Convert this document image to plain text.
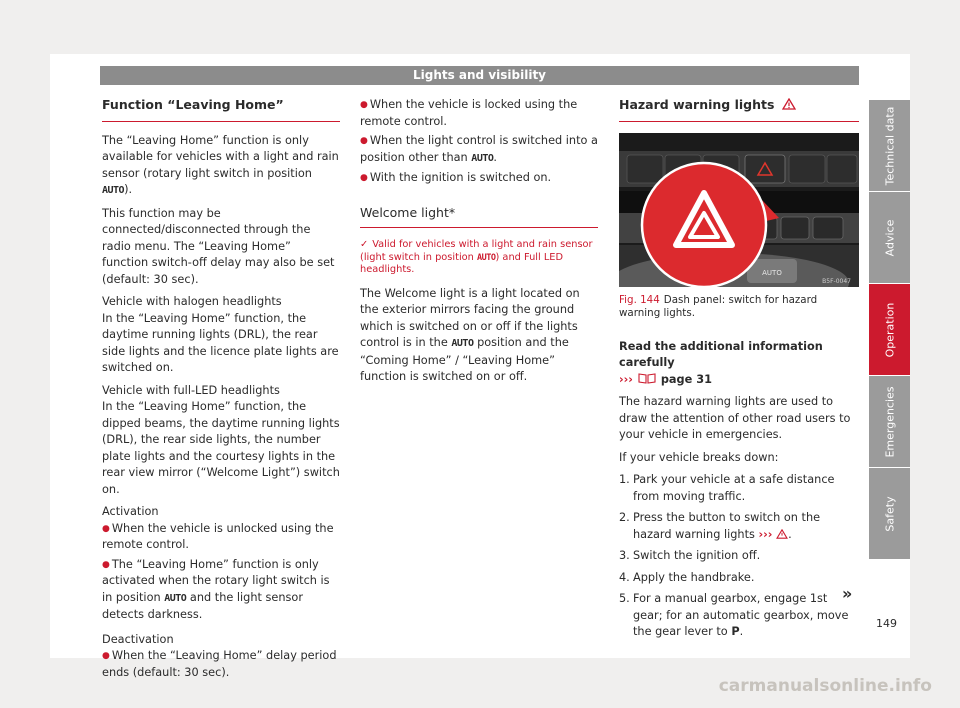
Lights and visibility
Function “Leaving Home”

The “Leaving Home” function is only available for vehicles with a light and rain sensor (rotary light switch in position AUTO).

This function may be connected/disconnected through the radio menu. The “Leaving Home” function switch-off delay may also be set (default: 30 sec).

Vehicle with halogen headlights

In the “Leaving Home” function, the daytime running lights (DRL), the rear side lights and the licence plate lights are switched on.

Vehicle with full-LED headlights

In the “Leaving Home” function, the dipped beams, the daytime running lights (DRL), the rear side lights, the number plate lights and the courtesy lights in the rear view mirror (“Welcome Light”) switch on.

Activation

● When the vehicle is unlocked using the remote control.
● The “Leaving Home” function is only activated when the rotary light switch is in position AUTO and the light sensor detects darkness.

Deactivation

● When the “Leaving Home” delay period ends (default: 30 sec).
● When the vehicle is locked using the remote control.
● When the light control is switched into a position other than AUTO.
● With the ignition is switched on.
Welcome light*
✓ Valid for vehicles with a light and rain sensor (light switch in position AUTO) and Full LED headlights.

The Welcome light is a light located on the exterior mirrors facing the ground which is switched on or off if the lights control is in the AUTO position and the “Coming Home” / “Leaving Home” function is switched on or off.

Hazard warning lights
AUTO
B5F-0047
Fig. 144 Dash panel: switch for hazard warning lights.

Read the additional information carefully

››› page 31

The hazard warning lights are used to draw the attention of other road users to your vehicle in emergencies.

If your vehicle breaks down:

1. Park your vehicle at a safe distance from moving traffic.
2. Press the button to switch on the hazard warning lights ››› .
3. Switch the ignition off.
4. Apply the handbrake.
5. For a manual gearbox, engage 1st gear; for an automatic gearbox, move the gear lever to P.
»
Technical data
Advice
Operation
Emergencies
Safety
149
carmanualsonline.info
